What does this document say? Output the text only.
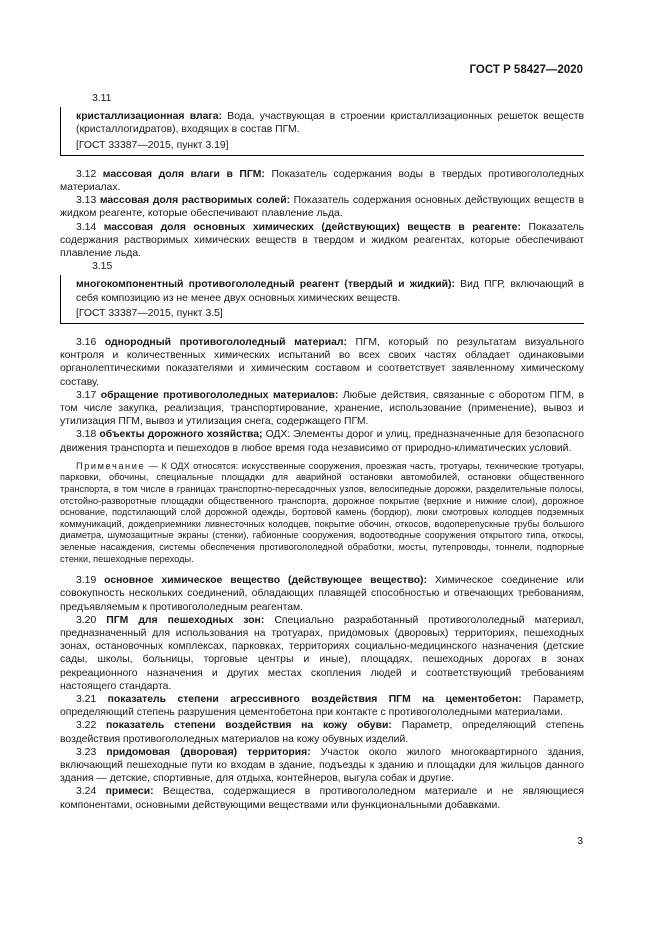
ГОСТ Р 58427—2020

3.11

кристаллизационная влага: Вода, участвующая в строении кристаллизационных решеток веществ (кристаллогидратов), входящих в состав ПГМ.

[ГОСТ 33387—2015, пункт 3.19]

3.12 массовая доля влаги в ПГМ: Показатель содержания воды в твердых противогололедных материалах.

3.13 массовая доля растворимых солей: Показатель содержания основных действующих веществ в жидком реагенте, которые обеспечивают плавление льда.

3.14 массовая доля основных химических (действующих) веществ в реагенте: Показатель содержания растворимых химических веществ в твердом и жидком реагентах, которые обеспечивают плавление льда.

3.15

многокомпонентный противогололедный реагент (твердый и жидкий): Вид ПГР, включающий в себя композицию из не менее двух основных химических веществ.

[ГОСТ 33387—2015, пункт 3.5]

3.16 однородный противогололедный материал: ПГМ, который по результатам визуального контроля и количественных химических испытаний во всех своих частях обладает одинаковыми органолептическими показателями и химическим составом и соответствует заявленному химическому составу.

3.17 обращение противогололедных материалов: Любые действия, связанные с оборотом ПГМ, в том числе закупка, реализация, транспортирование, хранение, использование (применение), вывоз и утилизация ПГМ, вывоз и утилизация снега, содержащего ПГМ.

3.18 объекты дорожного хозяйства; ОДХ: Элементы дорог и улиц, предназначенные для безопасного движения транспорта и пешеходов в любое время года независимо от природно-климатических условий.

Примечание — К ОДХ относятся: искусственные сооружения, проезжая часть, тротуары, технические тротуары, парковки, обочины, специальные площадки для аварийной остановки автомобилей, остановки общественного транспорта, в том числе в границах транспортно-пересадочных узлов, велосипедные дорожки, разделительные полосы, отстойно-разворотные площадки общественного транспорта, дорожное покрытие (верхние и нижние слои), дорожное основание, подстилающий слой дорожной одежды, бортовой камень (бордюр), люки смотровых колодцев подземных коммуникаций, дождеприемники ливнесточных колодцев, покрытие обочин, откосов, водоперепускные трубы большого диаметра, шумозащитные экраны (стенки), габионные сооружения, водоотводные сооружения открытого типа, откосы, зеленые насаждения, системы обеспечения противогололедной обработки, мосты, путепроводы, тоннели, подпорные стенки, пешеходные переходы.

3.19 основное химическое вещество (действующее вещество): Химическое соединение или совокупность нескольких соединений, обладающих плавящей способностью и отвечающих требованиям, предъявляемым к противогололедным реагентам.

3.20 ПГМ для пешеходных зон: Специально разработанный противогололедный материал, предназначенный для использования на тротуарах, придомовых (дворовых) территориях, пешеходных зонах, остановочных комплексах, парковках, территориях социально-медицинского назначения (детские сады, школы, больницы, торговые центры и иные), площадях, пешеходных дорогах в зонах рекреационного назначения и других местах скопления людей и соответствующий требованиям настоящего стандарта.

3.21 показатель степени агрессивного воздействия ПГМ на цементобетон: Параметр, определяющий степень разрушения цементобетона при контакте с противогололедными материалами.

3.22 показатель степени воздействия на кожу обуви: Параметр, определяющий степень воздействия противогололедных материалов на кожу обувных изделий.

3.23 придомовая (дворовая) территория: Участок около жилого многоквартирного здания, включающий пешеходные пути ко входам в здание, подъезды к зданию и площадки для жильцов данного здания — детские, спортивные, для отдыха, контейнеров, выгула собак и другие.

3.24 примеси: Вещества, содержащиеся в противогололедном материале и не являющиеся компонентами, основными действующими веществами или функциональными добавками.

3
